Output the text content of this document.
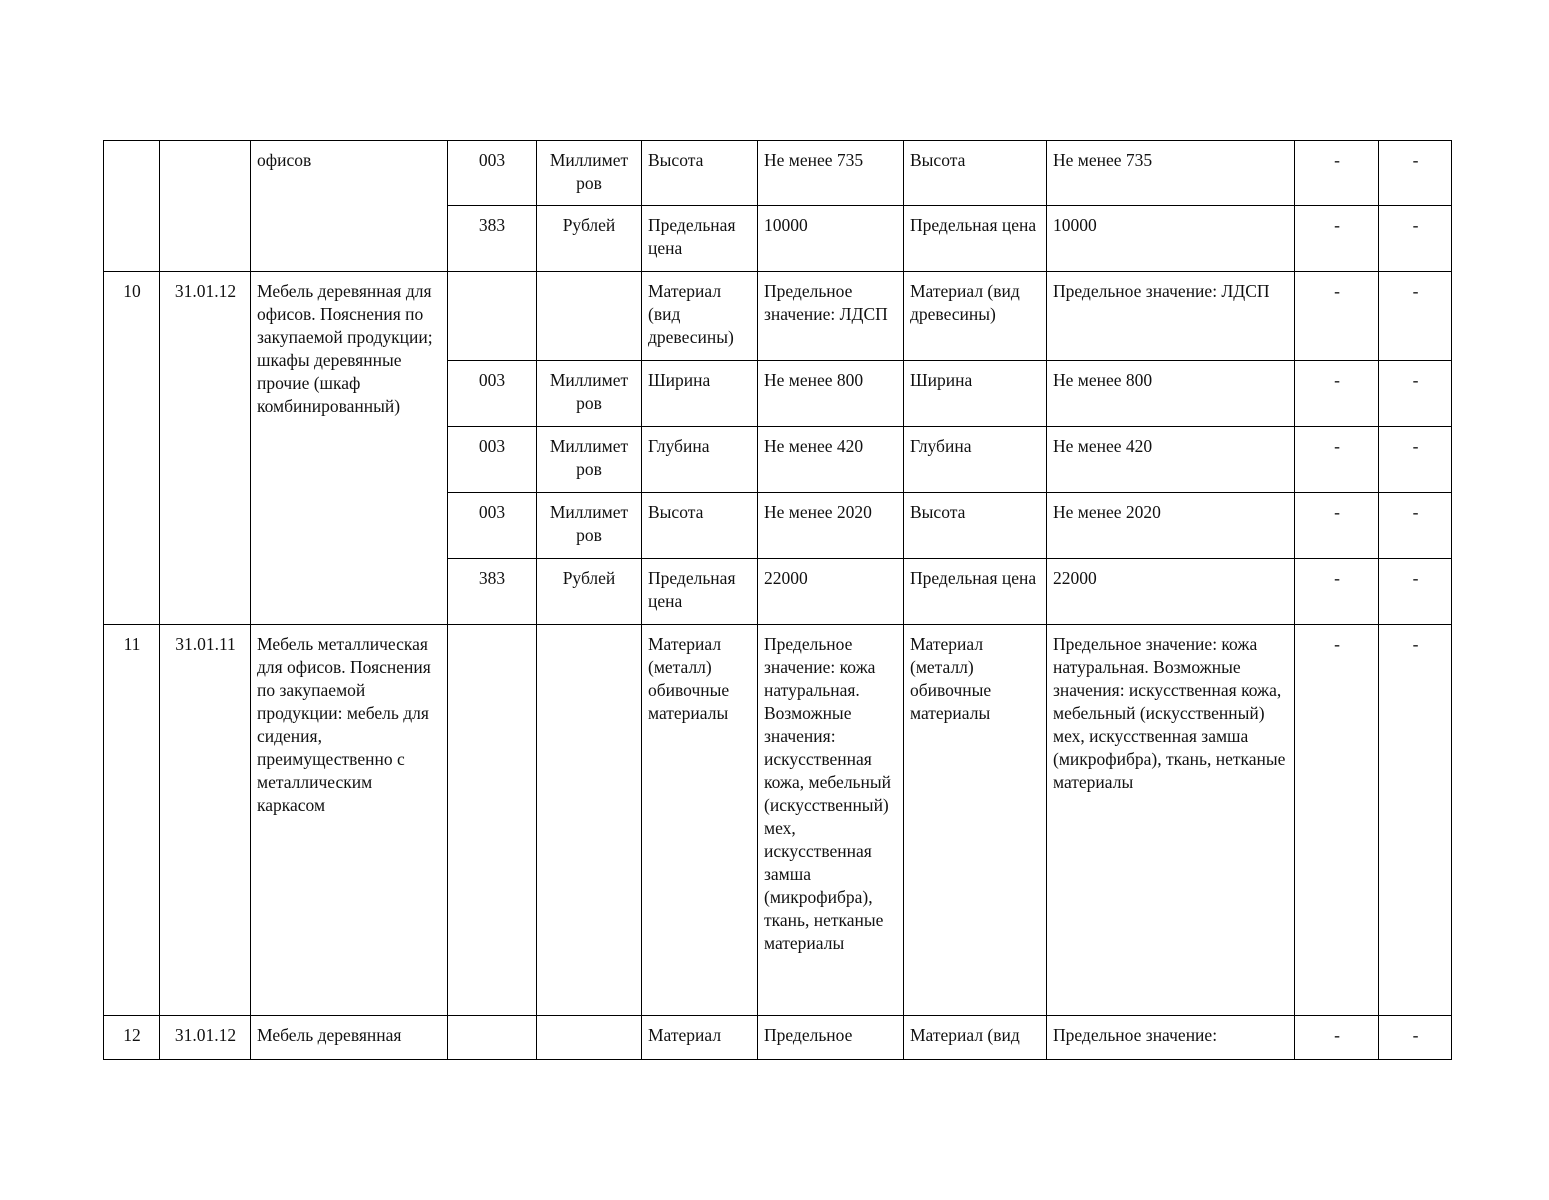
		офисов	003	Миллимет ров	Высота	Не менее 735	Высота	Не менее 735	-	-
			383	Рублей	Предельная цена	10000	Предельная цена	10000	-	-
10	31.01.12	Мебель деревянная для офисов. Пояснения по закупаемой продукции; шкафы деревянные прочие (шкаф комбинированный)			Материал (вид древесины)	Предельное значение: ЛДСП	Материал (вид древесины)	Предельное значение: ЛДСП	-	-
			003	Миллимет ров	Ширина	Не менее 800	Ширина	Не менее 800	-	-
			003	Миллимет ров	Глубина	Не менее 420	Глубина	Не менее 420	-	-
			003	Миллимет ров	Высота	Не менее 2020	Высота	Не менее 2020	-	-
			383	Рублей	Предельная цена	22000	Предельная цена	22000	-	-
11	31.01.11	Мебель металлическая для офисов. Пояснения по закупаемой продукции: мебель для сидения, преимущественно с металлическим каркасом			Материал (металл) обивочные материалы	Предельное значение: кожа натуральная. Возможные значения: искусственная кожа, мебельный (искусственный) мех, искусственная замша (микрофибра), ткань, нетканые материалы	Материал (металл) обивочные материалы	Предельное значение: кожа натуральная. Возможные значения: искусственная кожа, мебельный (искусственный) мех, искусственная замша (микрофибра), ткань, нетканые материалы	-	-
12	31.01.12	Мебель деревянная			Материал	Предельное	Материал (вид	Предельное значение:	-	-
